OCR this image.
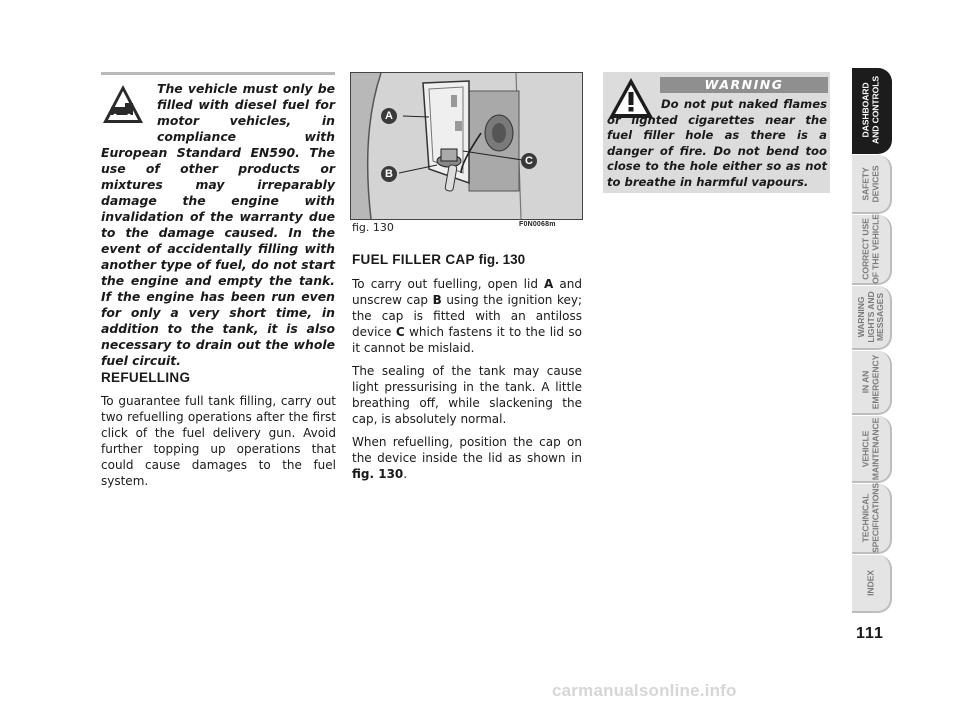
The vehicle must only be filled with diesel fuel for motor vehicles, in compliance with European Standard EN590. The use of other products or mixtures may irreparably damage the engine with invalidation of the warranty due to the damage caused. In the event of accidentally filling with another type of fuel, do not start the engine and empty the tank. If the engine has been run even for only a very short time, in addition to the tank, it is also necessary to drain out the whole fuel circuit.
REFUELLING

To guarantee full tank filling, carry out two refuelling operations after the first click of the fuel delivery gun. Avoid further topping up operations that could cause damages to the fuel system.

A
B
C
fig. 130	F0N0068m
FUEL FILLER CAP fig. 130

To carry out fuelling, open lid A and unscrew cap B using the ignition key; the cap is fitted with an antiloss device C which fastens it to the lid so it cannot be mislaid.

The sealing of the tank may cause light pressurising in the tank. A little breathing off, while slackening the cap, is absolutely normal.

When refuelling, position the cap on the device inside the lid as shown in fig. 130.

WARNING
Do not put naked flames or lighted cigarettes near the fuel filler hole as there is a danger of fire. Do not bend too close to the hole either so as not to breathe in harmful vapours.
DASHBOARD
AND CONTROLS
SAFETY
DEVICES
CORRECT USE
OF THE VEHICLE
WARNING
LIGHTS AND
MESSAGES
IN AN
EMERGENCY
VEHICLE
MAINTENANCE
TECHNICAL
SPECIFICATIONS
INDEX
111
carmanualsonline.info
